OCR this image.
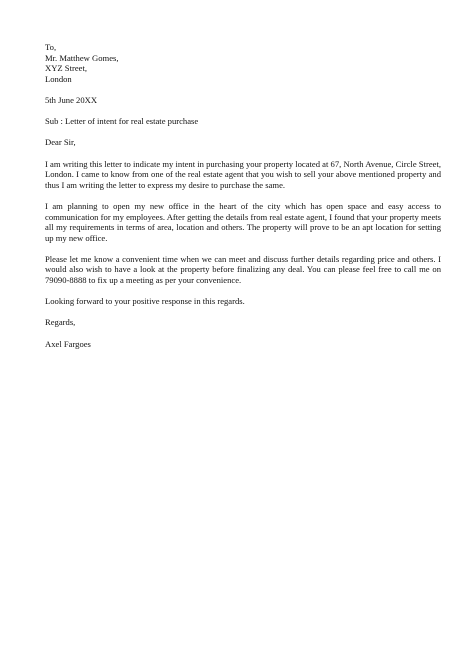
To,
Mr. Matthew Gomes,
XYZ Street,
London
5th June 20XX
Sub : Letter of intent for real estate purchase
Dear Sir,

I am writing this letter to indicate my intent in purchasing your property located at 67, North Avenue, Circle Street, London. I came to know from one of the real estate agent that you wish to sell your above mentioned property and thus I am writing the letter to express my desire to purchase the same.

I am planning to open my new office in the heart of the city which has open space and easy access to communication for my employees. After getting the details from real estate agent, I found that your property meets all my requirements in terms of area, location and others. The property will prove to be an apt location for setting up my new office.

Please let me know a convenient time when we can meet and discuss further details regarding price and others. I would also wish to have a look at the property before finalizing any deal. You can please feel free to call me on 79090-8888 to fix up a meeting as per your convenience.

Looking forward to your positive response in this regards.

Regards,
Axel Fargoes
